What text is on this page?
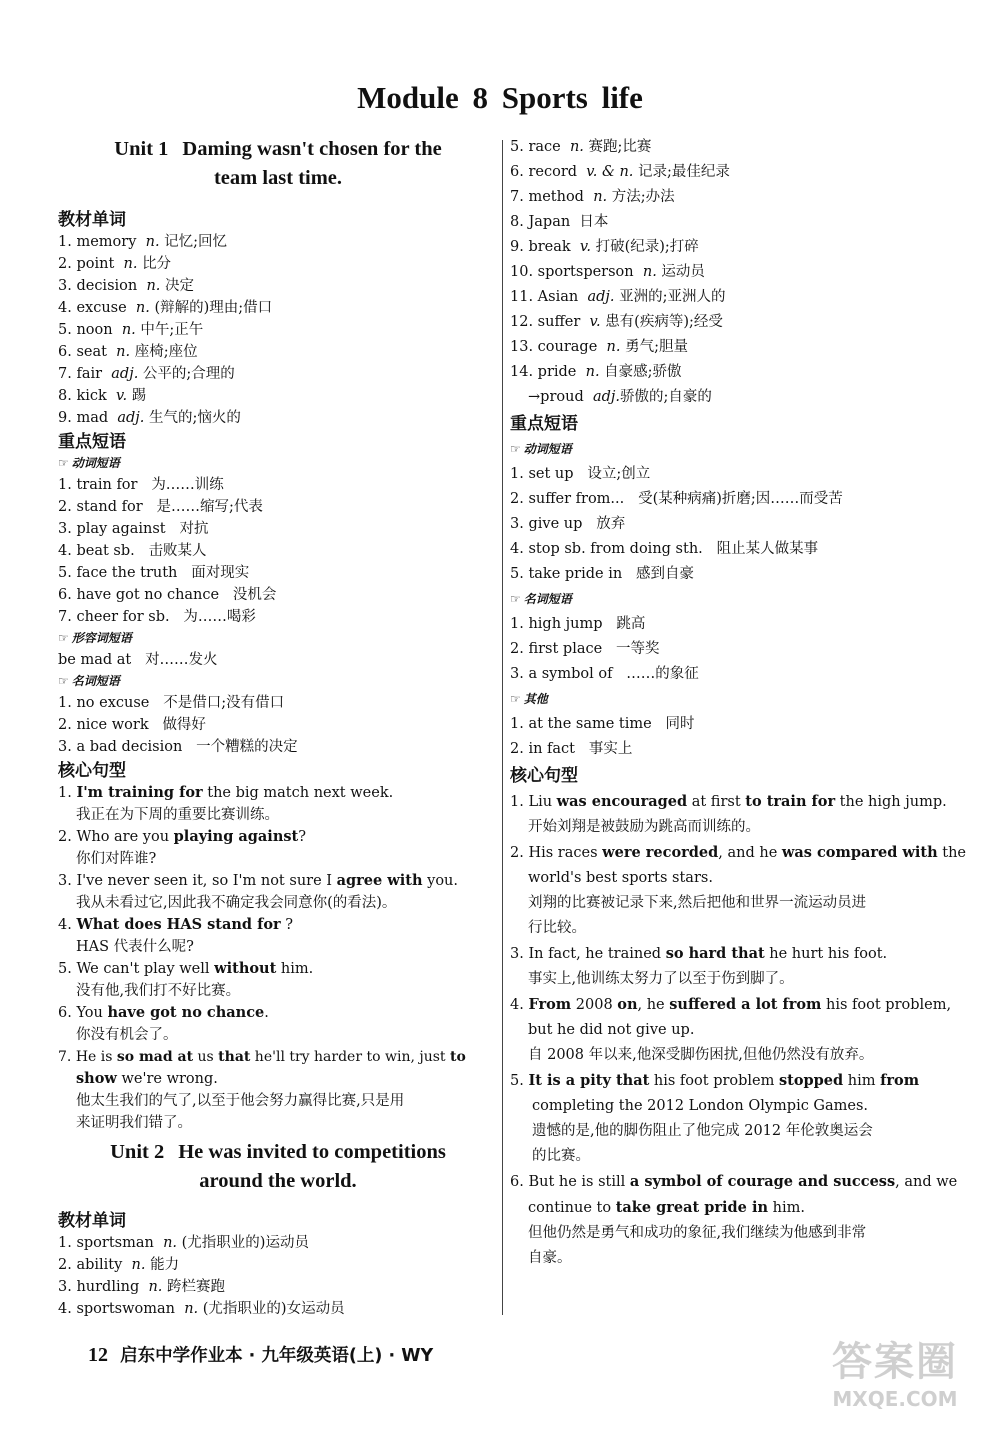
Module 8 Sports life
Unit 1 Daming wasn't chosen for the
team last time.
教材单词
1. memory n. 记忆;回忆
2. point n. 比分
3. decision n. 决定
4. excuse n. (辩解的)理由;借口
5. noon n. 中午;正午
6. seat n. 座椅;座位
7. fair adj. 公平的;合理的
8. kick v. 踢
9. mad adj. 生气的;恼火的
重点短语
☞ 动词短语
1. train for 为……训练
2. stand for 是……缩写;代表
3. play against 对抗
4. beat sb. 击败某人
5. face the truth 面对现实
6. have got no chance 没机会
7. cheer for sb. 为……喝彩
☞ 形容词短语
be mad at 对……发火
☞ 名词短语
1. no excuse 不是借口;没有借口
2. nice work 做得好
3. a bad decision 一个糟糕的决定
核心句型
1. I'm training for the big match next week.
我正在为下周的重要比赛训练。
2. Who are you playing against?
你们对阵谁?
3. I've never seen it, so I'm not sure I agree with you.
我从未看过它,因此我不确定我会同意你(的看法)。
4. What does HAS stand for ?
HAS 代表什么呢?
5. We can't play well without him.
没有他,我们打不好比赛。
6. You have got no chance.
你没有机会了。
7. He is so mad at us that he'll try harder to win, just to
show we're wrong.
他太生我们的气了,以至于他会努力赢得比赛,只是用
来证明我们错了。
Unit 2 He was invited to competitions
around the world.
教材单词
1. sportsman n. (尤指职业的)运动员
2. ability n. 能力
3. hurdling n. 跨栏赛跑
4. sportswoman n. (尤指职业的)女运动员
5. race n. 赛跑;比赛
6. record v. & n. 记录;最佳纪录
7. method n. 方法;办法
8. Japan 日本
9. break v. 打破(纪录);打碎
10. sportsperson n. 运动员
11. Asian adj. 亚洲的;亚洲人的
12. suffer v. 患有(疾病等);经受
13. courage n. 勇气;胆量
14. pride n. 自豪感;骄傲
→proud adj.骄傲的;自豪的
重点短语
☞ 动词短语
1. set up 设立;创立
2. suffer from... 受(某种病痛)折磨;因……而受苦
3. give up 放弃
4. stop sb. from doing sth. 阻止某人做某事
5. take pride in 感到自豪
☞ 名词短语
1. high jump 跳高
2. first place 一等奖
3. a symbol of ……的象征
☞ 其他
1. at the same time 同时
2. in fact 事实上
核心句型
1. Liu was encouraged at first to train for the high jump.
开始刘翔是被鼓励为跳高而训练的。
2. His races were recorded, and he was compared with the
world's best sports stars.
刘翔的比赛被记录下来,然后把他和世界一流运动员进
行比较。
3. In fact, he trained so hard that he hurt his foot.
事实上,他训练太努力了以至于伤到脚了。
4. From 2008 on, he suffered a lot from his foot problem,
but he did not give up.
自 2008 年以来,他深受脚伤困扰,但他仍然没有放弃。
5. It is a pity that his foot problem stopped him from
completing the 2012 London Olympic Games.
遗憾的是,他的脚伤阻止了他完成 2012 年伦敦奥运会
的比赛。
6. But he is still a symbol of courage and success, and we
continue to take great pride in him.
但他仍然是勇气和成功的象征,我们继续为他感到非常
自豪。
12 启东中学作业本 · 九年级英语(上) · WY	答案圈
MXQE.COM
